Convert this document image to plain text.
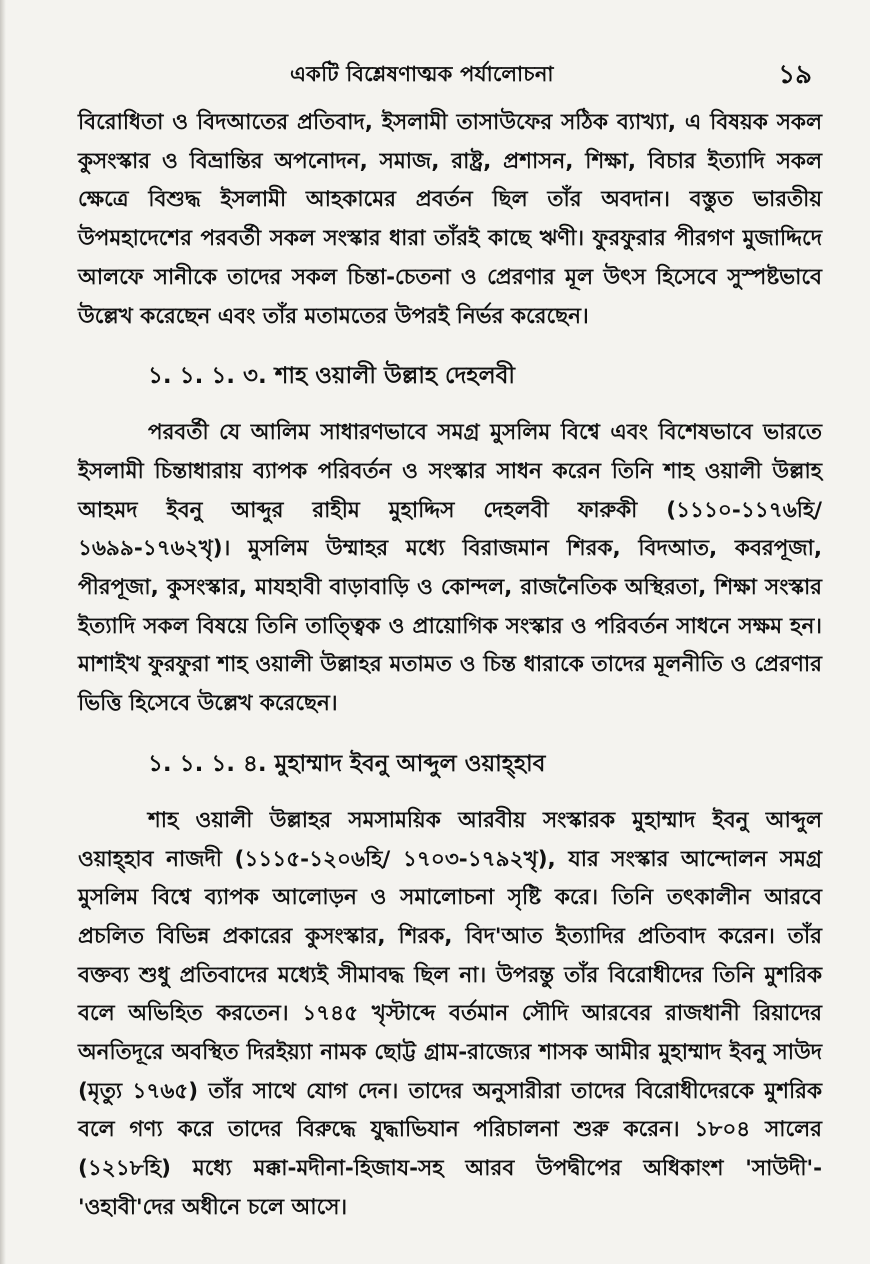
একটি বিশ্লেষণাত্মক পর্যালোচনা	১৯

বিরোধিতা ও বিদআতের প্রতিবাদ, ইসলামী তাসাউফের সঠিক ব্যাখ্যা, এ বিষয়ক সকল কুসংস্কার ও বিভ্রান্তির অপনোদন, সমাজ, রাষ্ট্র, প্রশাসন, শিক্ষা, বিচার ইত্যাদি সকল ক্ষেত্রে বিশুদ্ধ ইসলামী আহকামের প্রবর্তন ছিল তাঁর অবদান। বস্তুত ভারতীয় উপমহাদেশের পরবর্তী সকল সংস্কার ধারা তাঁরই কাছে ঋণী। ফুরফুরার পীরগণ মুজাদ্দিদে আলফে সানীকে তাদের সকল চিন্তা-চেতনা ও প্রেরণার মূল উৎস হিসেবে সুস্পষ্টভাবে উল্লেখ করেছেন এবং তাঁর মতামতের উপরই নির্ভর করেছেন।

১. ১. ১. ৩. শাহ ওয়ালী উল্লাহ দেহলবী

পরবর্তী যে আলিম সাধারণভাবে সমগ্র মুসলিম বিশ্বে এবং বিশেষভাবে ভারতে ইসলামী চিন্তাধারায় ব্যাপক পরিবর্তন ও সংস্কার সাধন করেন তিনি শাহ ওয়ালী উল্লাহ আহমদ ইবনু আব্দুর রাহীম মুহাদ্দিস দেহলবী ফারুকী (১১১০-১১৭৬হি/১৬৯৯-১৭৬২খৃ)। মুসলিম উম্মাহর মধ্যে বিরাজমান শিরক, বিদআত, কবরপূজা, পীরপূজা, কুসংস্কার, মাযহাবী বাড়াবাড়ি ও কোন্দল, রাজনৈতিক অস্থিরতা, শিক্ষা সংস্কার ইত্যাদি সকল বিষয়ে তিনি তাত্ত্বিক ও প্রায়োগিক সংস্কার ও পরিবর্তন সাধনে সক্ষম হন। মাশাইখ ফুরফুরা শাহ ওয়ালী উল্লাহর মতামত ও চিন্ত ধারাকে তাদের মূলনীতি ও প্রেরণার ভিত্তি হিসেবে উল্লেখ করেছেন।

১. ১. ১. ৪. মুহাম্মাদ ইবনু আব্দুল ওয়াহ্হাব

শাহ ওয়ালী উল্লাহর সমসাময়িক আরবীয় সংস্কারক মুহাম্মাদ ইবনু আব্দুল ওয়াহ্হাব নাজদী (১১১৫-১২০৬হি/ ১৭০৩-১৭৯২খৃ), যার সংস্কার আন্দোলন সমগ্র মুসলিম বিশ্বে ব্যাপক আলোড়ন ও সমালোচনা সৃষ্টি করে। তিনি তৎকালীন আরবে প্রচলিত বিভিন্ন প্রকারের কুসংস্কার, শিরক, বিদ'আত ইত্যাদির প্রতিবাদ করেন। তাঁর বক্তব্য শুধু প্রতিবাদের মধ্যেই সীমাবদ্ধ ছিল না। উপরন্তু তাঁর বিরোধীদের তিনি মুশরিক বলে অভিহিত করতেন। ১৭৪৫ খৃস্টাব্দে বর্তমান সৌদি আরবের রাজধানী রিয়াদের অনতিদূরে অবস্থিত দিরইয়্যা নামক ছোট্ট গ্রাম-রাজ্যের শাসক আমীর মুহাম্মাদ ইবনু সাউদ (মৃত্যু ১৭৬৫) তাঁর সাথে যোগ দেন। তাদের অনুসারীরা তাদের বিরোধীদেরকে মুশরিক বলে গণ্য করে তাদের বিরুদ্ধে যুদ্ধাভিযান পরিচালনা শুরু করেন। ১৮০৪ সালের (১২১৮হি) মধ্যে মক্কা-মদীনা-হিজায-সহ আরব উপদ্বীপের অধিকাংশ 'সাউদী'-'ওহাবী'দের অধীনে চলে আসে।
